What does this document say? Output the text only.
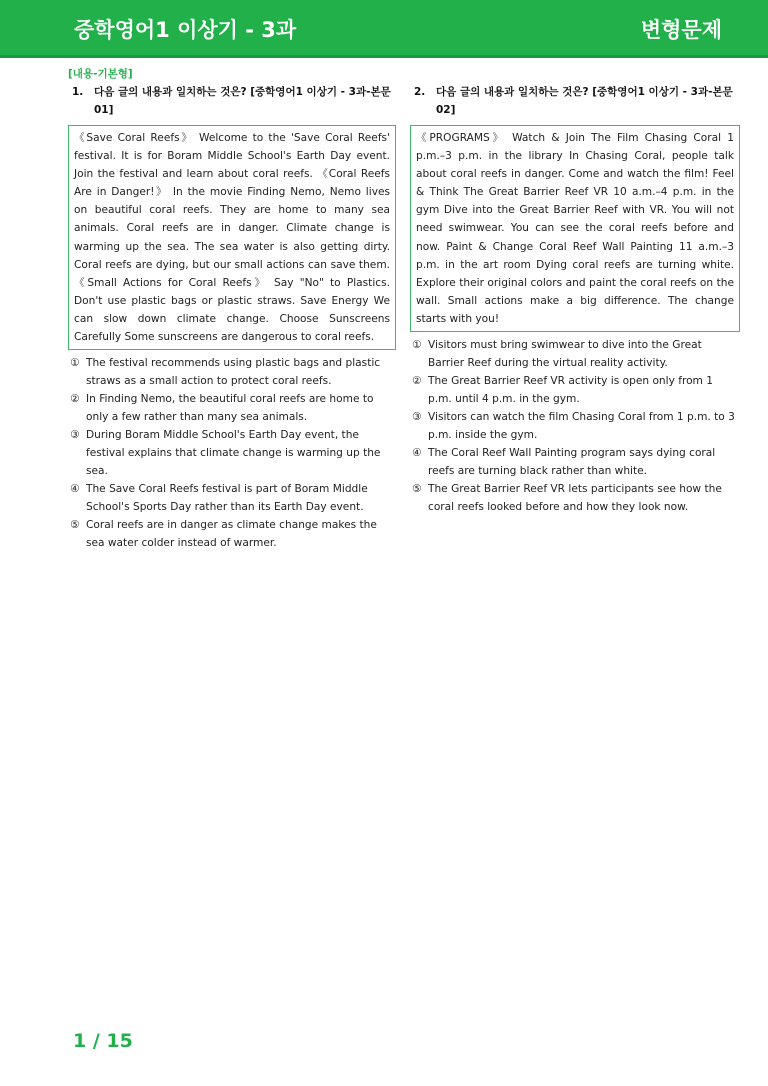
중학영어1 이상기 - 3과	변형문제
[내용-기본형]
1.	다음 글의 내용과 일치하는 것은? [중학영어1 이상기 - 3과-본문 01]
《Save Coral Reefs》 Welcome to the 'Save Coral Reefs' festival. It is for Boram Middle School's Earth Day event. Join the festival and learn about coral reefs. 《Coral Reefs Are in Danger!》 In the movie Finding Nemo, Nemo lives on beautiful coral reefs. They are home to many sea animals. Coral reefs are in danger. Climate change is warming up the sea. The sea water is also getting dirty. Coral reefs are dying, but our small actions can save them. 《Small Actions for Coral Reefs》 Say "No" to Plastics. Don't use plastic bags or plastic straws. Save Energy We can slow down climate change. Choose Sunscreens Carefully Some sunscreens are dangerous to coral reefs.
① The festival recommends using plastic bags and plastic straws as a small action to protect coral reefs.
② In Finding Nemo, the beautiful coral reefs are home to only a few rather than many sea animals.
③ During Boram Middle School's Earth Day event, the festival explains that climate change is warming up the sea.
④ The Save Coral Reefs festival is part of Boram Middle School's Sports Day rather than its Earth Day event.
⑤ Coral reefs are in danger as climate change makes the sea water colder instead of warmer.
2.	다음 글의 내용과 일치하는 것은? [중학영어1 이상기 - 3과-본문 02]
《PROGRAMS》 Watch & Join The Film Chasing Coral 1 p.m.–3 p.m. in the library In Chasing Coral, people talk about coral reefs in danger. Come and watch the film! Feel & Think The Great Barrier Reef VR 10 a.m.–4 p.m. in the gym Dive into the Great Barrier Reef with VR. You will not need swimwear. You can see the coral reefs before and now. Paint & Change Coral Reef Wall Painting 11 a.m.–3 p.m. in the art room Dying coral reefs are turning white. Explore their original colors and paint the coral reefs on the wall. Small actions make a big difference. The change starts with you!
① Visitors must bring swimwear to dive into the Great Barrier Reef during the virtual reality activity.
② The Great Barrier Reef VR activity is open only from 1 p.m. until 4 p.m. in the gym.
③ Visitors can watch the film Chasing Coral from 1 p.m. to 3 p.m. inside the gym.
④ The Coral Reef Wall Painting program says dying coral reefs are turning black rather than white.
⑤ The Great Barrier Reef VR lets participants see how the coral reefs looked before and how they look now.
1 / 15
